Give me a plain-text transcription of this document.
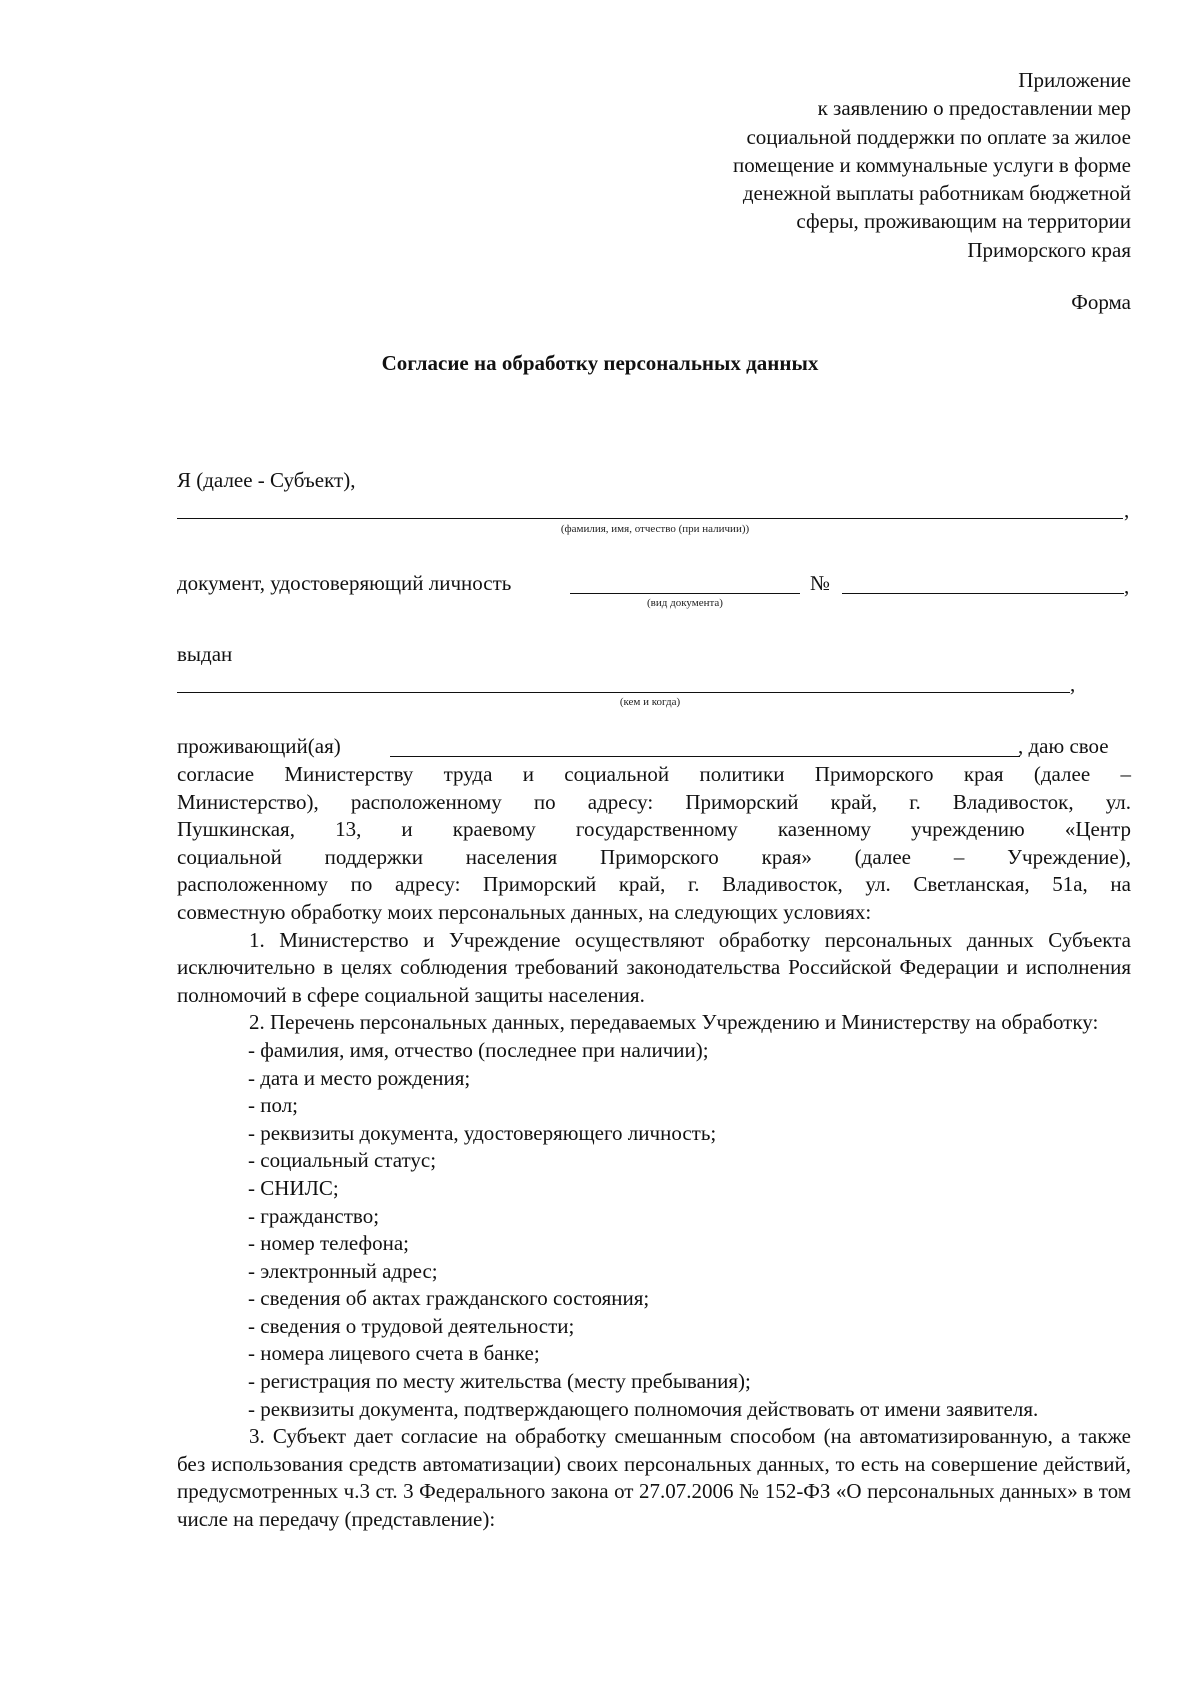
Приложение
к заявлению о предоставлении мер
социальной поддержки по оплате за жилое
помещение и коммунальные услуги в форме
денежной выплаты работникам бюджетной
сферы, проживающим на территории
Приморского края
Форма
Согласие на обработку персональных данных
Я (далее - Субъект),
,
(фамилия, имя, отчество (при наличии))
документ, удостоверяющий личность
(вид документа)
№	,
выдан
,
(кем и когда)
проживающий(ая)	, даю свое

согласие Министерству труда и социальной политики Приморского края (далее –

Министерство), расположенному по адресу: Приморский край, г. Владивосток, ул.

Пушкинская, 13, и краевому государственному казенному учреждению «Центр

социальной поддержки населения Приморского края» (далее – Учреждение),

расположенному по адресу: Приморский край, г. Владивосток, ул. Светланская, 51а, на

совместную обработку моих персональных данных, на следующих условиях:

1. Министерство и Учреждение осуществляют обработку персональных данных Субъекта исключительно в целях соблюдения требований законодательства Российской Федерации и исполнения полномочий в сфере социальной защиты населения.

2. Перечень персональных данных, передаваемых Учреждению и Министерству на обработку:

- фамилия, имя, отчество (последнее при наличии);

- дата и место рождения;

- пол;

- реквизиты документа, удостоверяющего личность;

- социальный статус;

- СНИЛС;

- гражданство;

- номер телефона;

- электронный адрес;

- сведения об актах гражданского состояния;

- сведения о трудовой деятельности;

- номера лицевого счета в банке;

- регистрация по месту жительства (месту пребывания);

- реквизиты документа, подтверждающего полномочия действовать от имени заявителя.

3. Субъект дает согласие на обработку смешанным способом (на автоматизированную, а также без использования средств автоматизации) своих персональных данных, то есть на совершение действий, предусмотренных ч.3 ст. 3 Федерального закона от 27.07.2006 № 152-ФЗ «О персональных данных» в том числе на передачу (представление):
